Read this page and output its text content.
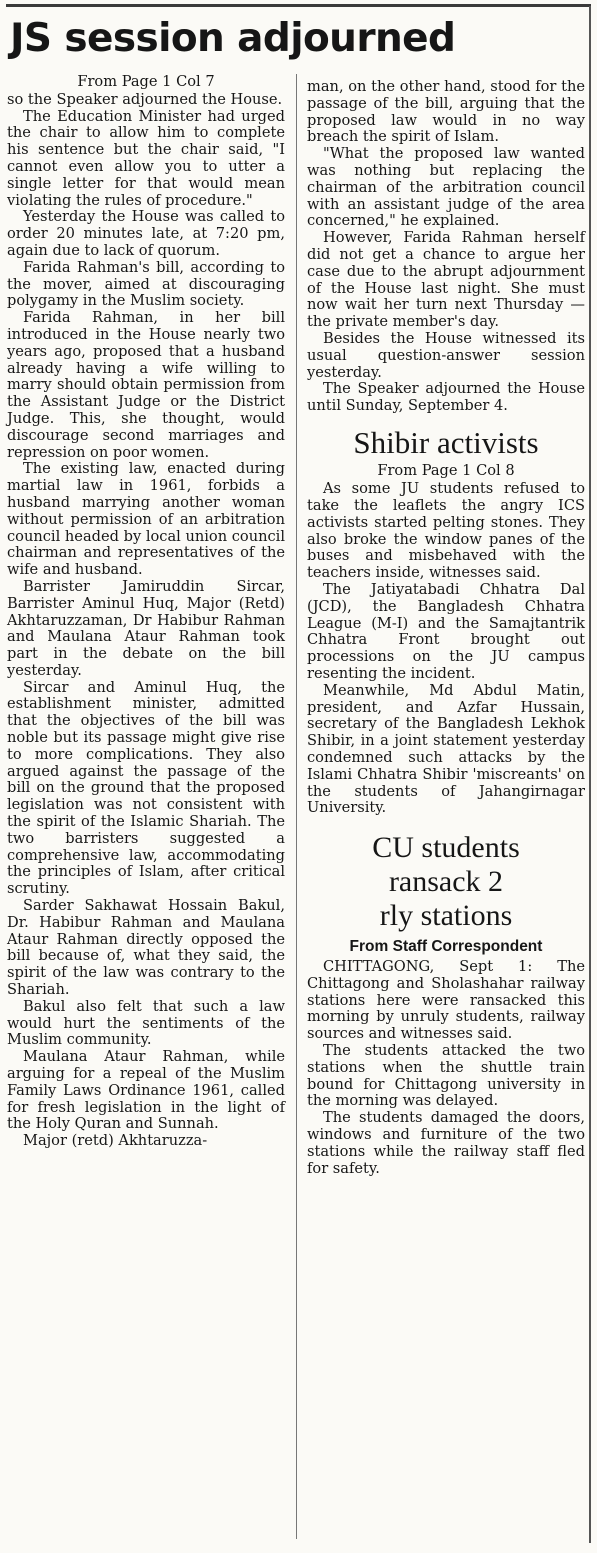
JS session adjourned
From Page 1 Col 7

so the Speaker adjourned the House.

The Education Minister had urged the chair to allow him to complete his sentence but the chair said, "I cannot even allow you to utter a single letter for that would mean violating the rules of procedure."

Yesterday the House was called to order 20 minutes late, at 7:20 pm, again due to lack of quorum.

Farida Rahman's bill, according to the mover, aimed at discouraging polygamy in the Muslim society.

Farida Rahman, in her bill introduced in the House nearly two years ago, proposed that a husband already having a wife willing to marry should obtain permission from the Assistant Judge or the District Judge. This, she thought, would discourage second marriages and repression on poor women.

The existing law, enacted during martial law in 1961, forbids a husband marrying another woman without permission of an arbitration council headed by local union council chairman and representatives of the wife and husband.

Barrister Jamiruddin Sircar, Barrister Aminul Huq, Major (Retd) Akhtaruzzaman, Dr Habibur Rahman and Maulana Ataur Rahman took part in the debate on the bill yesterday.

Sircar and Aminul Huq, the establishment minister, admitted that the objectives of the bill was noble but its passage might give rise to more complications. They also argued against the passage of the bill on the ground that the proposed legislation was not consistent with the spirit of the Islamic Shariah. The two barristers suggested a comprehensive law, accommodating the principles of Islam, after critical scrutiny.

Sarder Sakhawat Hossain Bakul, Dr. Habibur Rahman and Maulana Ataur Rahman directly opposed the bill because of, what they said, the spirit of the law was contrary to the Shariah.

Bakul also felt that such a law would hurt the sentiments of the Muslim community.

Maulana Ataur Rahman, while arguing for a repeal of the Muslim Family Laws Ordinance 1961, called for fresh legislation in the light of the Holy Quran and Sunnah.

Major (retd) Akhtaruzza-

man, on the other hand, stood for the passage of the bill, arguing that the proposed law would in no way breach the spirit of Islam.

"What the proposed law wanted was nothing but replacing the chairman of the arbitration council with an assistant judge of the area concerned," he explained.

However, Farida Rahman herself did not get a chance to argue her case due to the abrupt adjournment of the House last night. She must now wait her turn next Thursday — the private member's day.

Besides the House witnessed its usual question-answer session yesterday.

The Speaker adjourned the House until Sunday, September 4.

Shibir activists
From Page 1 Col 8

As some JU students refused to take the leaflets the angry ICS activists started pelting stones. They also broke the window panes of the buses and misbehaved with the teachers inside, witnesses said.

The Jatiyatabadi Chhatra Dal (JCD), the Bangladesh Chhatra League (M-I) and the Samajtantrik Chhatra Front brought out processions on the JU campus resenting the incident.

Meanwhile, Md Abdul Matin, president, and Azfar Hussain, secretary of the Bangladesh Lekhok Shibir, in a joint statement yesterday condemned such attacks by the Islami Chhatra Shibir 'miscreants' on the students of Jahangirnagar University.

CU students
ransack 2
rly stations
From Staff Correspondent

CHITTAGONG, Sept 1: The Chittagong and Sholashahar railway stations here were ransacked this morning by unruly students, railway sources and witnesses said.

The students attacked the two stations when the shuttle train bound for Chittagong university in the morning was delayed.

The students damaged the doors, windows and furniture of the two stations while the railway staff fled for safety.
